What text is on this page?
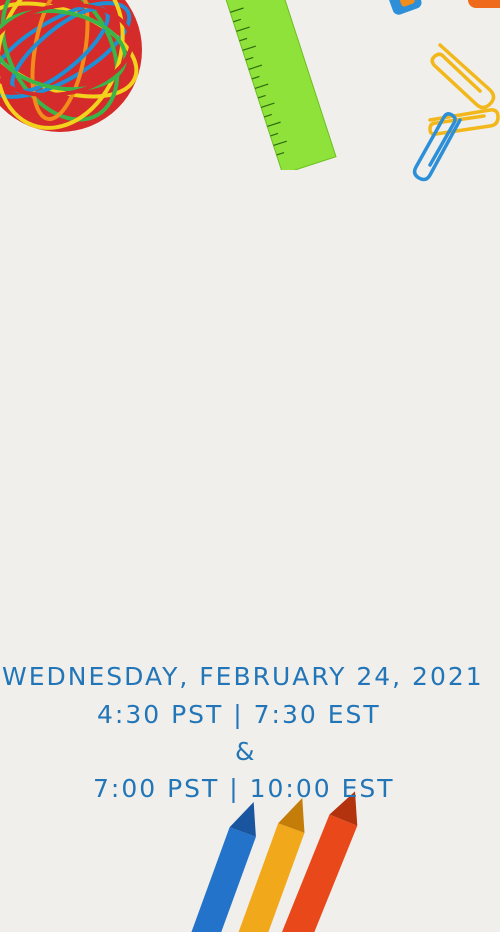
WEDNESDAY, FEBRUARY 24, 2021
4:30 PST | 7:30 EST
&
7:00 PST | 10:00 EST
